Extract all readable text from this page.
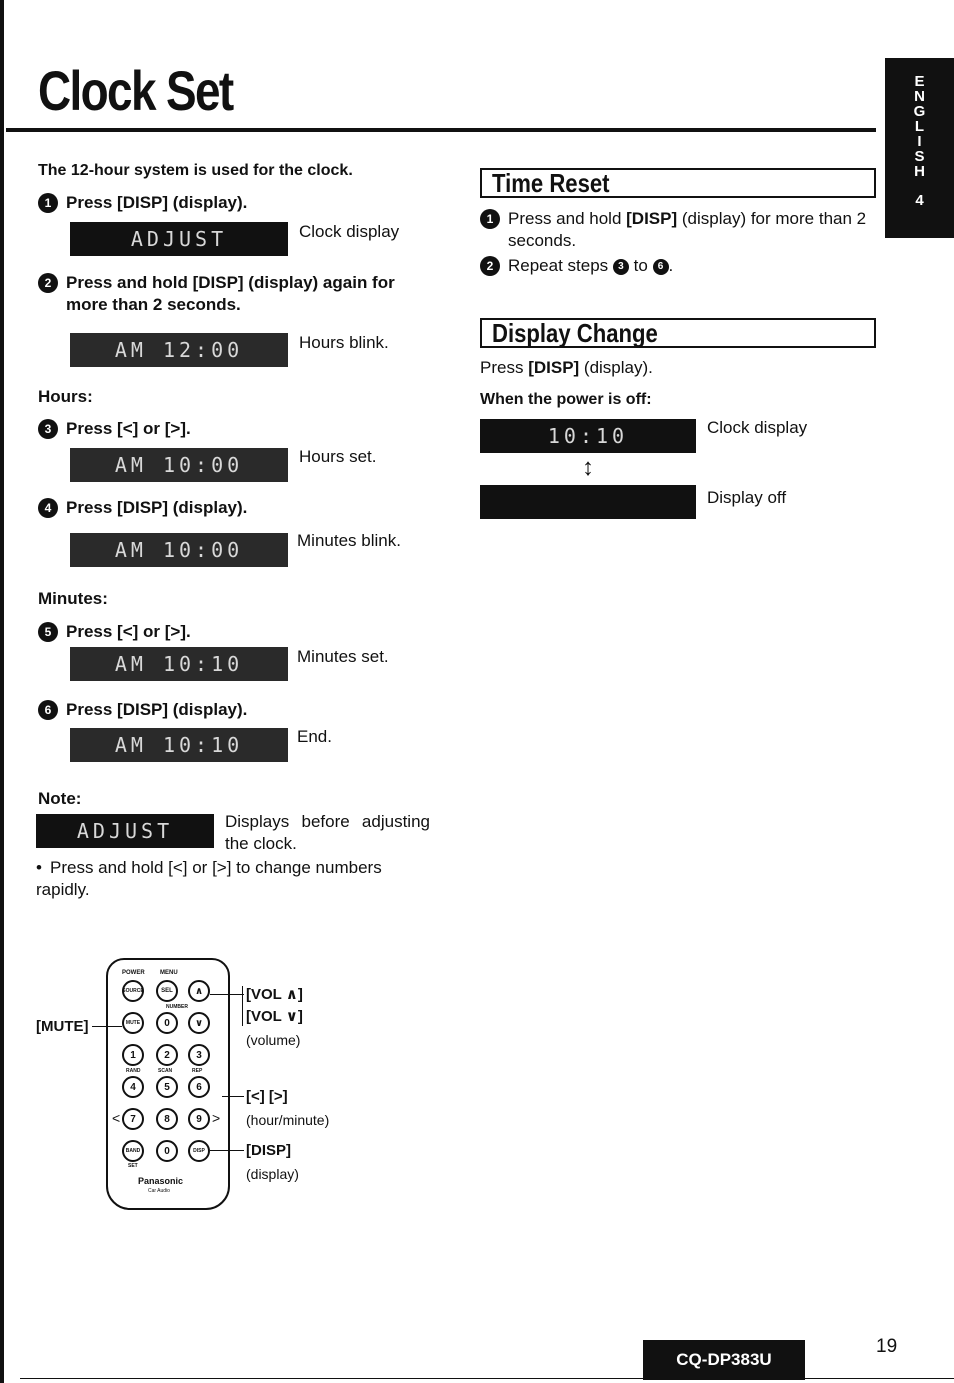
Clock Set	E
N
G
L
I
S
H
4
The 12-hour system is used for the clock.
1 Press [DISP] (display).
ADJUST	Clock display
2 Press and hold [DISP] (display) again for more than 2 seconds.
AM 12:00	Hours blink.
Hours:
3 Press [<] or [>].
AM 10:00	Hours set.
4 Press [DISP] (display).
AM 10:00	Minutes blink.
Minutes:
5 Press [<] or [>].
AM 10:10	Minutes set.
6 Press [DISP] (display).
AM 10:10	End.
Note:
ADJUST	Displays before adjusting the clock.
• Press and hold [<] or [>] to change numbers rapidly.
POWER	MENU
SOURCE	SEL	∧
NUMBER
MUTE	0	∨
1	2	3
RAND	SCAN	REP
4	5	6
<	7	8	9 >
BAND	0	DISP
SET
Panasonic
Car Audio
[MUTE]
[VOL ∧]
[VOL ∨]
(volume)
[<] [>]
(hour/minute)
[DISP]
(display)
Time Reset
1 Press and hold [DISP] (display) for more than 2 seconds.
2 Repeat steps 3 to 6 .
Display Change
Press [DISP] (display).
When the power is off:
10:10	Clock display
↕
Display off
CQ-DP383U
19
